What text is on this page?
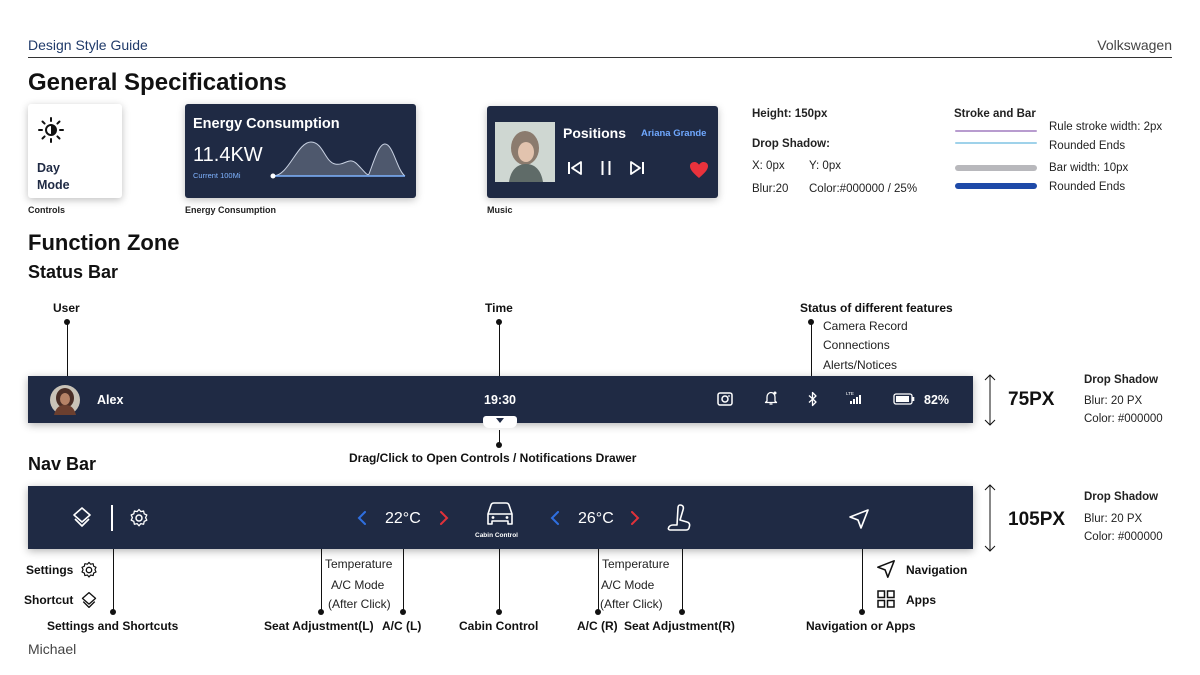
Design Style Guide	Volkswagen
General Specifications
Day
Mode
Controls
Energy Consumption
11.4KW
Current 100Mi
Energy Consumption
Positions Ariana Grande
Music
Height: 150px
Drop Shadow:
X: 0px Y: 0px
Blur:20 Color:#000000 / 25%
Stroke and Bar
Rule stroke width: 2px
Rounded Ends
Bar width: 10px
Rounded Ends
Function Zone
Status Bar
User	Time	Status of different features
Camera Record
Connections
Alerts/Notices
Alex	19:30	LTE	82%
Drag/Click to Open Controls / Notifications Drawer
75PX
Drop Shadow
Blur: 20 PX
Color: #000000
Nav Bar
22°C
Cabin Control
26°C	105PX
Drop Shadow
Blur: 20 PX
Color: #000000
Settings
Shortcut
Settings and Shortcuts
Temperature
A/C Mode
(After Click)
Seat Adjustment(L) A/C (L)	Cabin Control
Temperature
A/C Mode
(After Click)
A/C (R) Seat Adjustment(R)
Navigation
Apps
Navigation or Apps
Michael
